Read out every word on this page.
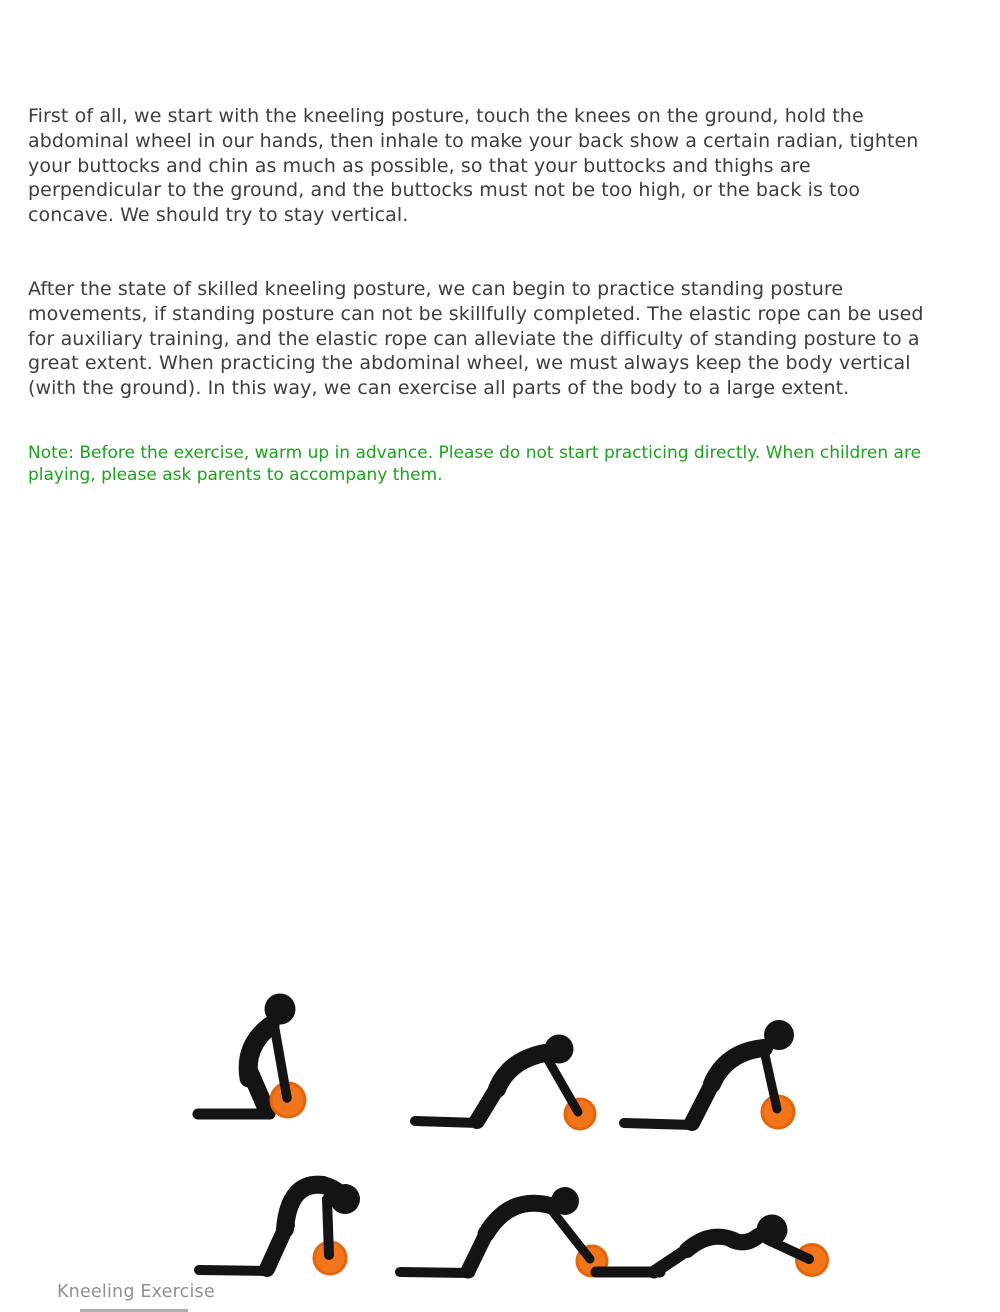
First of all, we start with the kneeling posture, touch the knees on the ground, hold the abdominal wheel in our hands, then inhale to make your back show a certain radian, tighten your buttocks and chin as much as possible, so that your buttocks and thighs are perpendicular to the ground, and the buttocks must not be too high, or the back is too concave. We should try to stay vertical.

After the state of skilled kneeling posture, we can begin to practice standing posture movements, if standing posture can not be skillfully completed. The elastic rope can be used for auxiliary training, and the elastic rope can alleviate the difficulty of standing posture to a great extent. When practicing the abdominal wheel, we must always keep the body vertical (with the ground). In this way, we can exercise all parts of the body to a large extent.

Note: Before the exercise, warm up in advance. Please do not start practicing directly. When children are playing, please ask parents to accompany them.

Kneeling Exercise
